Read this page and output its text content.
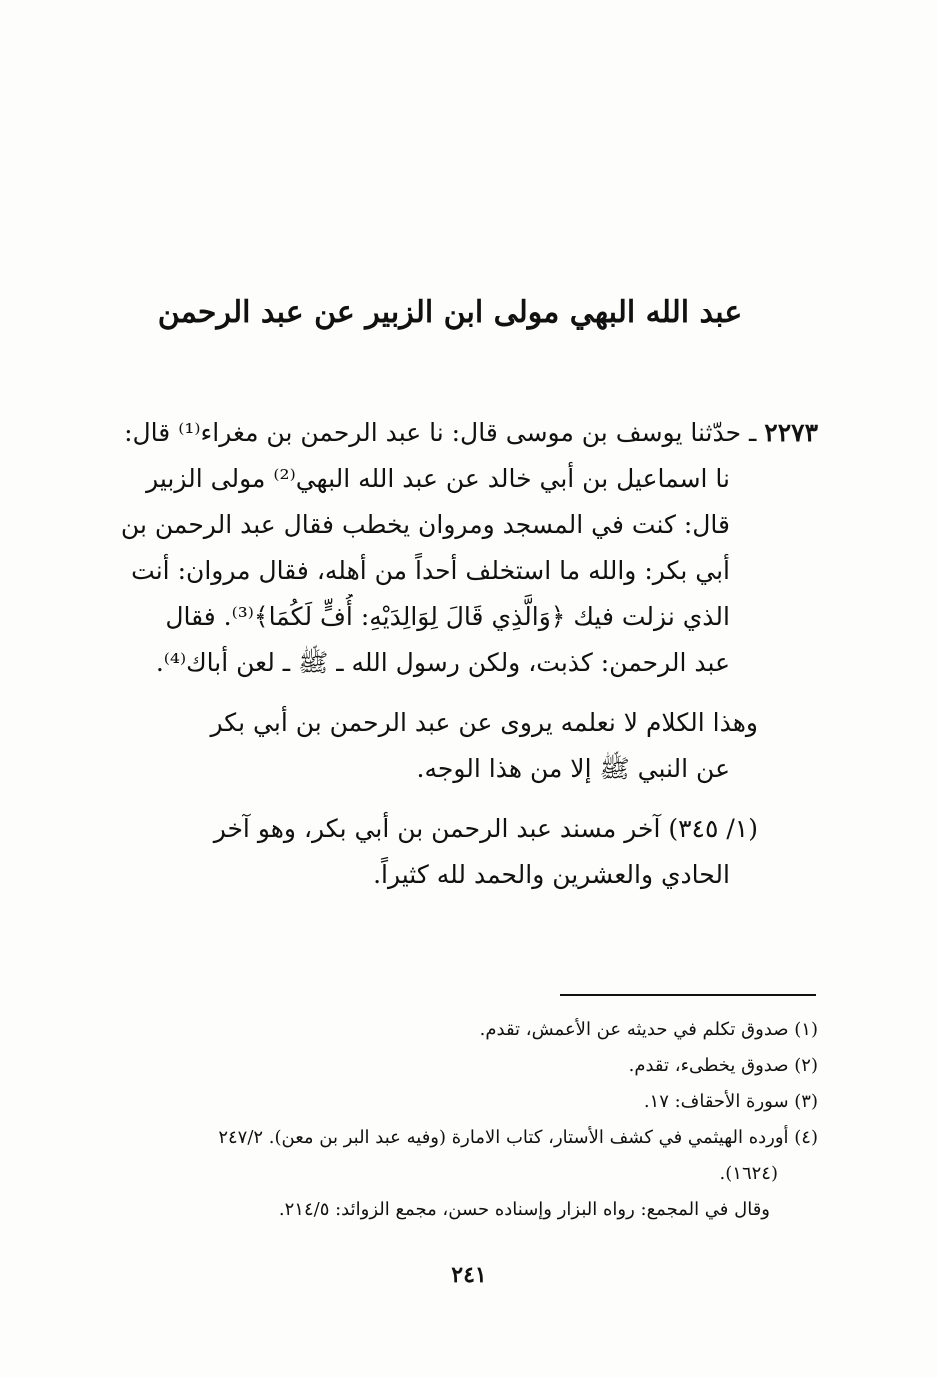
عبد الله البهي مولى ابن الزبير عن عبد الرحمن
٢٢٧٣ ـ حدّثنا يوسف بن موسى قال: نا عبد الرحمن بن مغراء⁽¹⁾ قال:
نا اسماعيل بن أبي خالد عن عبد الله البهي⁽²⁾ مولى الزبير
قال: كنت في المسجد ومروان يخطب فقال عبد الرحمن بن
أبي بكر: والله ما استخلف أحداً من أهله، فقال مروان: أنت
الذي نزلت فيك ﴿وَالَّذِي قَالَ لِوَالِدَيْهِ: أُفٍّ لَكُمَا﴾⁽³⁾. فقال
عبد الرحمن: كذبت، ولكن رسول الله ـ ﷺ ـ لعن أباك⁽⁴⁾.
وهذا الكلام لا نعلمه يروى عن عبد الرحمن بن أبي بكر
عن النبي ﷺ إلا من هذا الوجه.
(١/ ٣٤٥) آخر مسند عبد الرحمن بن أبي بكر، وهو آخر
الحادي والعشرين والحمد لله كثيراً.
(١) صدوق تكلم في حديثه عن الأعمش، تقدم.
(٢) صدوق يخطىء، تقدم.
(٣) سورة الأحقاف: ١٧.
(٤) أورده الهيثمي في كشف الأستار، كتاب الامارة (وفيه عبد البر بن معن). ٢٤٧/٢
(١٦٢٤).
وقال في المجمع: رواه البزار وإسناده حسن، مجمع الزوائد: ٢١٤/٥.
٢٤١
